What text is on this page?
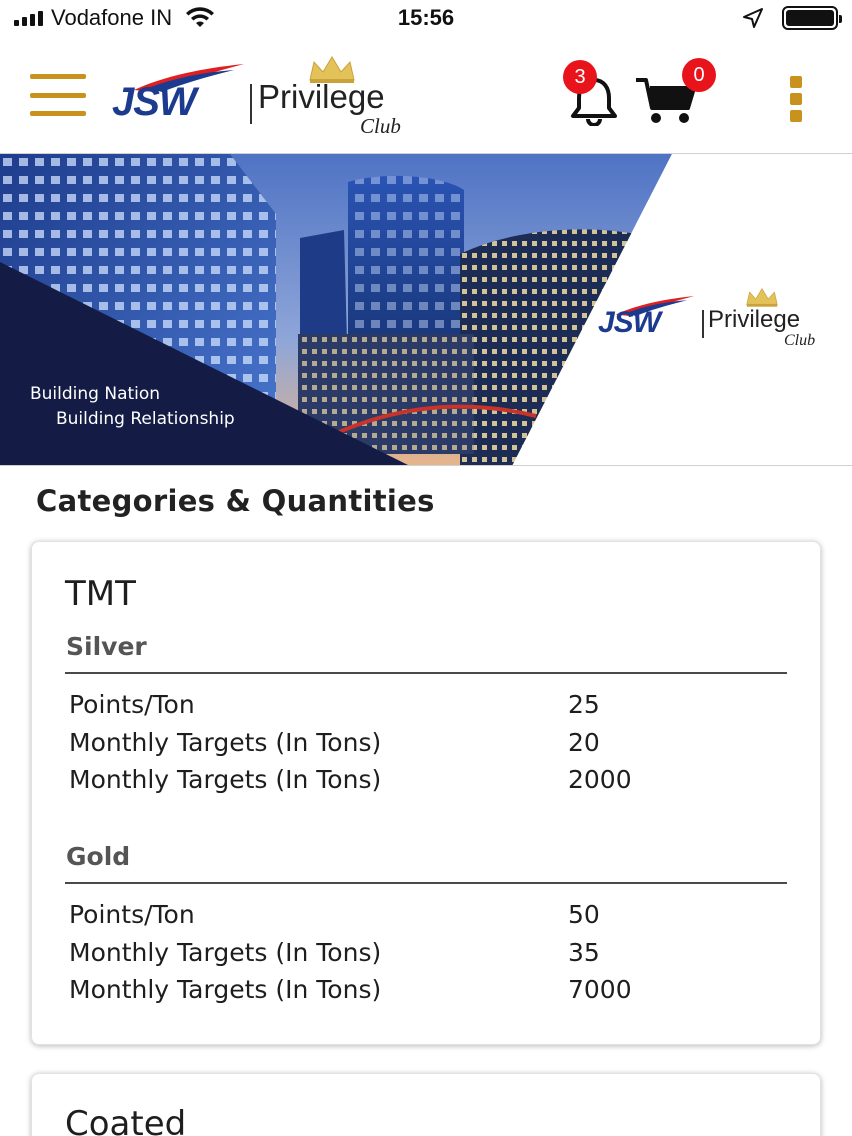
Vodafone IN	15:56
JSW Privilege
Club
3	0
Building Nation
Building Relationship
JSW Privilege
Club
Categories & Quantities
TMT
Silver
Points/Ton	25
Monthly Targets (In Tons)	20
Monthly Targets (In Tons)	2000
Gold
Points/Ton	50
Monthly Targets (In Tons)	35
Monthly Targets (In Tons)	7000
Coated
